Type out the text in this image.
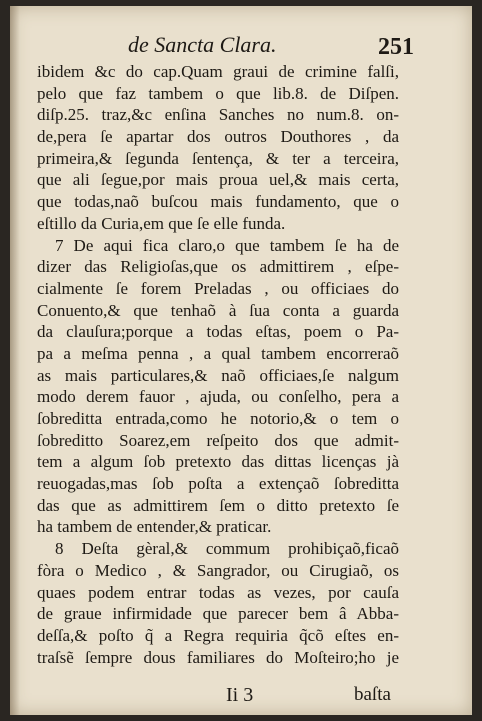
de Sancta Clara.	251
ibidem &c do cap.Quam graui de crimine falſi,
pelo que faz tambem o que lib.8. de Diſpen.
diſp.25. traz,&c enſina Sanches no num.8. on-
de,pera ſe apartar dos outros Douthores , da
primeira,& ſegunda ſentença, & ter a terceira,
que ali ſegue,por mais proua uel,& mais certa,
que todas,naõ buſcou mais fundamento, que o
eſtillo da Curia,em que ſe elle funda.
7 De aqui fica claro,o que tambem ſe ha de
dizer das Religioſas,que os admittirem , eſpe-
cialmente ſe forem Preladas , ou officiaes do
Conuento,& que tenhaõ à ſua conta a guarda
da clauſura;porque a todas eſtas, poem o Pa-
pa a meſma penna , a qual tambem encorreraõ
as mais particulares,& naõ officiaes,ſe nalgum
modo derem fauor , ajuda, ou conſelho, pera a
ſobreditta entrada,como he notorio,& o tem o
ſobreditto Soarez,em reſpeito dos que admit-
tem a algum ſob pretexto das dittas licenças jà
reuogadas,mas ſob poſta a extençaõ ſobreditta
das que as admittirem ſem o ditto pretexto ſe
ha tambem de entender,& praticar.
8 Deſta gèral,& commum prohibiçaõ,ficaõ
fòra o Medico , & Sangrador, ou Cirugiaõ, os
quaes podem entrar todas as vezes, por cauſa
de graue infirmidade que parecer bem â Abba-
deſſa,& poſto q̃ a Regra requiria q̃cõ eſtes en-
traſsẽ ſempre dous familiares do Moſteiro;ho je
Ii 3	baſta
